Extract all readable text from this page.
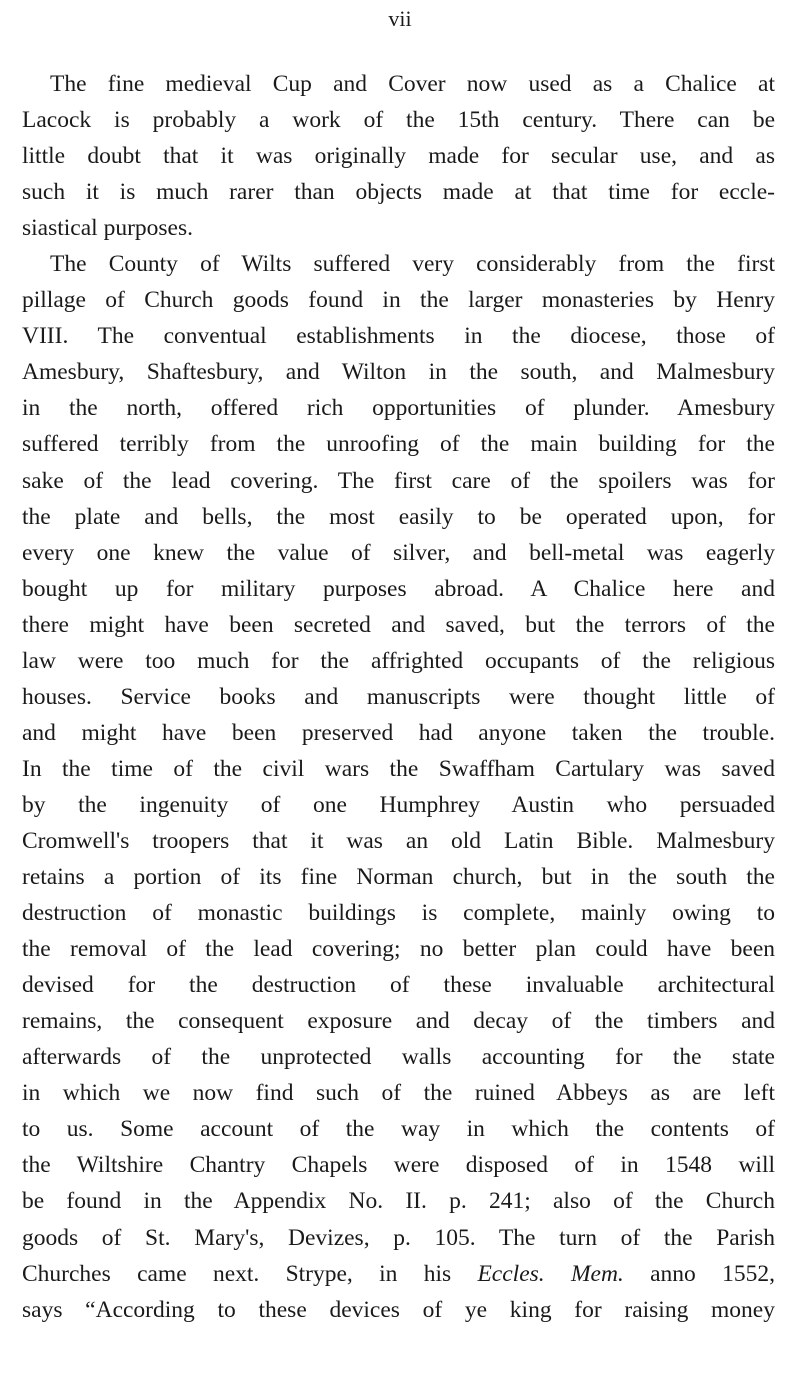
vii
The fine medieval Cup and Cover now used as a Chalice at
Lacock is probably a work of the 15th century. There can be
little doubt that it was originally made for secular use, and as
such it is much rarer than objects made at that time for eccle-
siastical purposes.
The County of Wilts suffered very considerably from the first
pillage of Church goods found in the larger monasteries by Henry
VIII. The conventual establishments in the diocese, those of
Amesbury, Shaftesbury, and Wilton in the south, and Malmesbury
in the north, offered rich opportunities of plunder. Amesbury
suffered terribly from the unroofing of the main building for the
sake of the lead covering. The first care of the spoilers was for
the plate and bells, the most easily to be operated upon, for
every one knew the value of silver, and bell-metal was eagerly
bought up for military purposes abroad. A Chalice here and
there might have been secreted and saved, but the terrors of the
law were too much for the affrighted occupants of the religious
houses. Service books and manuscripts were thought little of
and might have been preserved had anyone taken the trouble.
In the time of the civil wars the Swaffham Cartulary was saved
by the ingenuity of one Humphrey Austin who persuaded
Cromwell's troopers that it was an old Latin Bible. Malmesbury
retains a portion of its fine Norman church, but in the south the
destruction of monastic buildings is complete, mainly owing to
the removal of the lead covering; no better plan could have been
devised for the destruction of these invaluable architectural
remains, the consequent exposure and decay of the timbers and
afterwards of the unprotected walls accounting for the state
in which we now find such of the ruined Abbeys as are left
to us. Some account of the way in which the contents of
the Wiltshire Chantry Chapels were disposed of in 1548 will
be found in the Appendix No. II. p. 241; also of the Church
goods of St. Mary's, Devizes, p. 105. The turn of the Parish
Churches came next. Strype, in his Eccles. Mem. anno 1552,
says “According to these devices of ye king for raising money
